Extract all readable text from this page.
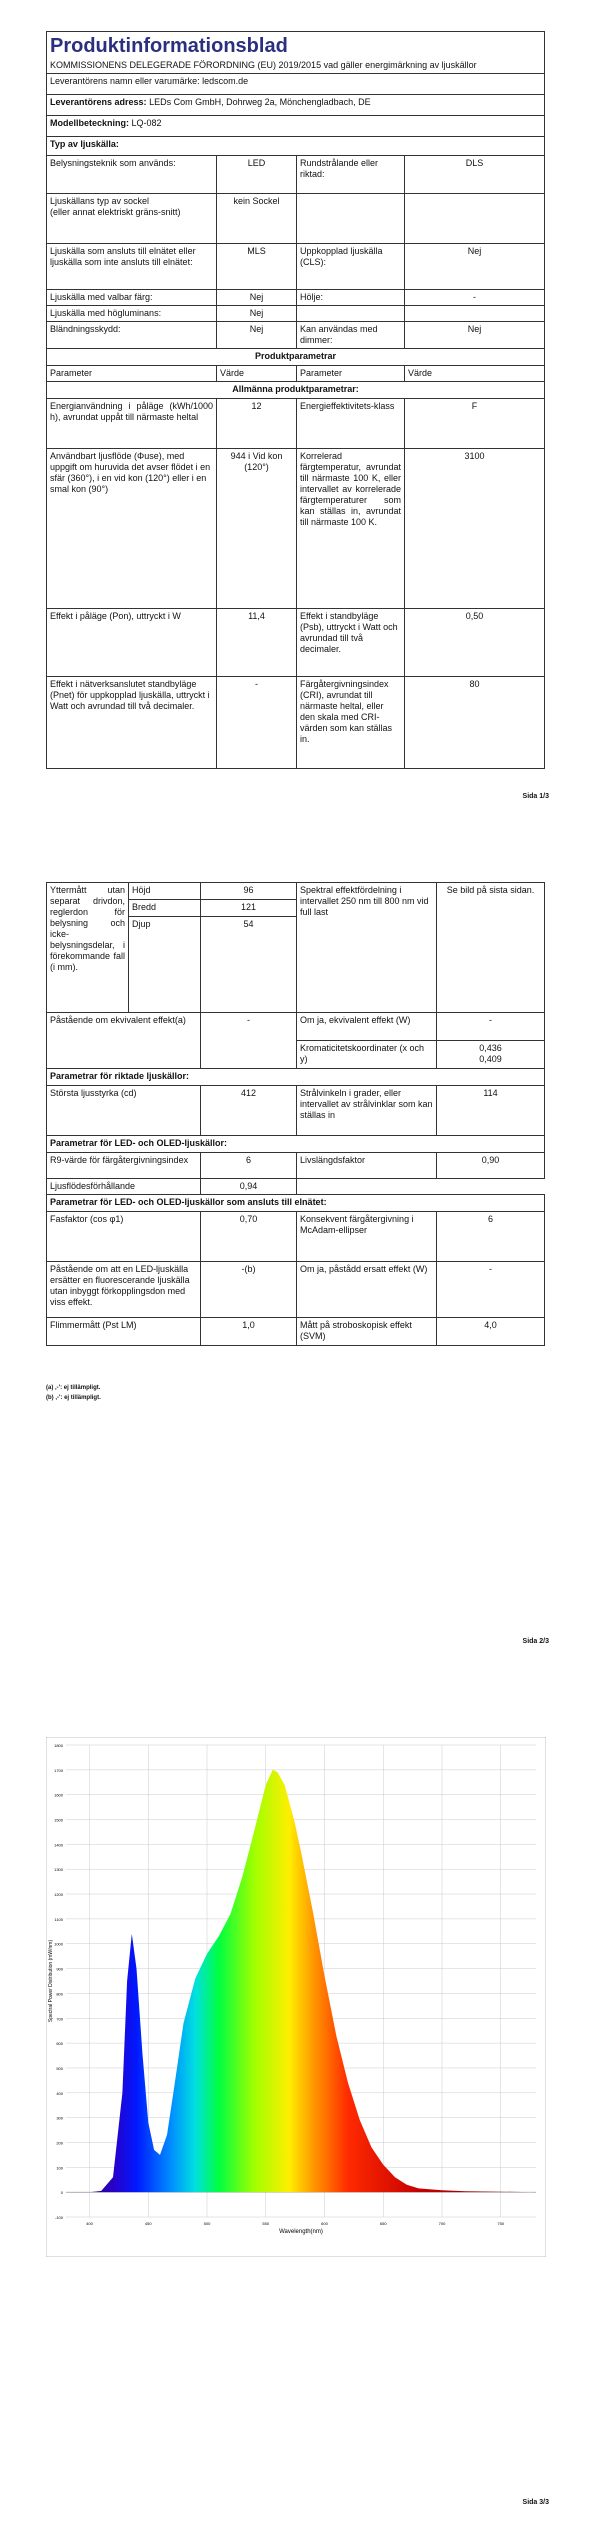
Produktinformationsblad
KOMMISSIONENS DELEGERADE FÖRORDNING (EU) 2019/2015 vad gäller energimärkning av ljuskällor			

Leverantörens namn eller varumärke: ledscom.de			
Leverantörens adress: LEDs Com GmbH, Dohrweg 2a, Mönchengladbach, DE			
Modellbeteckning: LQ-082			
Typ av ljuskälla:			
Belysningsteknik som används:	LED	Rundstrålande eller riktad:	DLS

Ljuskällans typ av sockel
(eller annat elektriskt gräns-snitt)	kein Sockel		
Ljuskälla som ansluts till elnätet eller ljuskälla som inte ansluts till elnätet:	MLS	Uppkopplad ljuskälla (CLS):	Nej
Ljuskälla med valbar färg:	Nej	Hölje:	-
Ljuskälla med högluminans:	Nej		
Bländningsskydd:	Nej	Kan användas med dimmer:	Nej
Produktparametrar			
Parameter	Värde	Parameter	Värde
Allmänna produktparametrar:			
Energianvändning i påläge (kWh/1000 h), avrundat uppåt till närmaste heltal	12	Energieffektivitets-klass	F
Användbart ljusflöde (Φuse), med uppgift om huruvida det avser flödet i en sfär (360°), i en vid kon (120°) eller i en smal kon (90°)	944 i Vid kon (120°)	Korrelerad färgtemperatur, avrundat till närmaste 100 K, eller intervallet av korrelerade färgtemperaturer som kan ställas in, avrundat till närmaste 100 K.	3100
Effekt i påläge (Pon), uttryckt i W	11,4	Effekt i standbyläge (Psb), uttryckt i Watt och avrundad till två decimaler.	0,50
Effekt i nätverksanslutet standbyläge (Pnet) för uppkopplad ljuskälla, uttryckt i Watt och avrundad till två decimaler.	-	Färgåtergivningsindex (CRI), avrundat till närmaste heltal, eller den skala med CRI-värden som kan ställas in.	80
Sida 1/3
Yttermått utan separat drivdon, reglerdon för belysning och icke-belysningsdelar, i förekommande fall (i mm).	Höjd	96	Spektral effektfördelning i intervallet 250 nm till 800 nm vid full last	Se bild på sista sidan.
	Bredd	121		
	Djup	54		
Påstående om ekvivalent effekt(a)		-	Om ja, ekvivalent effekt (W)	-
			Kromaticitetskoordinater (x och y)	0,436
0,409

Parametrar för riktade ljuskällor:				
Största ljusstyrka (cd)		412	Strålvinkeln i grader, eller intervallet av strålvinklar som kan ställas in	114
Parametrar för LED- och OLED-ljuskällor:				
R9-värde för färgåtergivningsindex		6	Livslängdsfaktor	0,90
Ljusflödesförhållande		0,94		
Parametrar för LED- och OLED-ljuskällor som ansluts till elnätet:				
Fasfaktor (cos φ1)		0,70	Konsekvent färgåtergivning i McAdam-ellipser	6
Påstående om att en LED-ljuskälla ersätter en fluorescerande ljuskälla utan inbyggt förkopplingsdon med viss effekt.		-(b)	Om ja, påstådd ersatt effekt (W)	-
Flimmermått (Pst LM)		1,0	Mått på stroboskopisk effekt (SVM)	4,0
(a) ‚-': ej tillämpligt.
(b) ‚-': ej tillämpligt.
Sida 2/3
-100
0
100
200
300
400
500
600
700
800
900
1000
1100
1200
1300
1400
1500
1600
1700
1800
400	450	500	550	600	650	700	750
Wavelength(nm)
Spectral Power Distribution (mW/nm)
Sida 3/3
